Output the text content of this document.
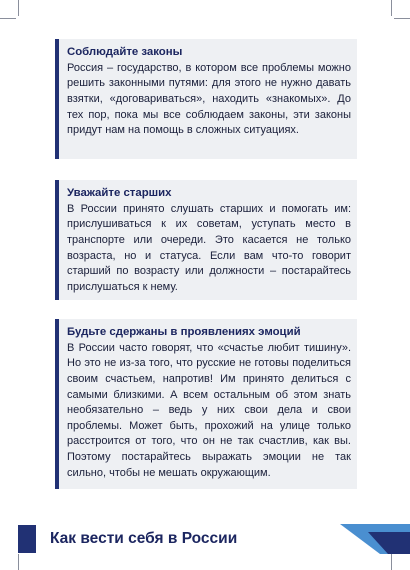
Соблюдайте законы

Россия – государство, в котором все проблемы можно решить законными путями: для этого не нужно давать взятки, «договариваться», находить «знакомых». До тех пор, пока мы все соблюдаем законы, эти законы придут нам на помощь в сложных ситуациях.

Уважайте старших

В России принято слушать старших и помогать им: прислушиваться к их советам, уступать место в транспорте или очереди. Это касается не только возраста, но и статуса. Если вам что-то говорит старший по возрасту или должности – постарайтесь прислушаться к нему.

Будьте сдержаны в проявлениях эмоций

В России часто говорят, что «счастье любит тишину». Но это не из-за того, что русские не готовы поделиться своим счастьем, напротив! Им принято делиться с самыми близкими. А всем остальным об этом знать необязательно – ведь у них свои дела и свои проблемы. Может быть, прохожий на улице только расстроится от того, что он не так счастлив, как вы. Поэтому постарайтесь выражать эмоции не так сильно, чтобы не мешать окружающим.

Как вести себя в России
